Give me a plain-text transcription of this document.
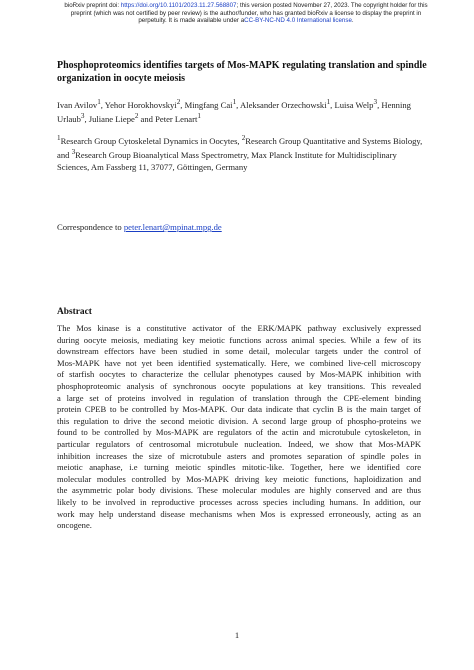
bioRxiv preprint doi: https://doi.org/10.1101/2023.11.27.568807; this version posted November 27, 2023. The copyright holder for this
preprint (which was not certified by peer review) is the author/funder, who has granted bioRxiv a license to display the preprint in
perpetuity. It is made available under aCC-BY-NC-ND 4.0 International license.
Phosphoproteomics identifies targets of Mos-MAPK regulating translation and spindle organization in oocyte meiosis
Ivan Avilov$^1$, Yehor Horokhovskyi$^2$, Mingfang Cai$^1$, Aleksander Orzechowski$^1$, Luisa Welp$^3$, Henning Urlaub$^3$, Juliane Liepe$^2$ and Peter Lenart$^1$
$^1$Research Group Cytoskeletal Dynamics in Oocytes, $^2$Research Group Quantitative and Systems Biology, and $^3$Research Group Bioanalytical Mass Spectrometry, Max Planck Institute for Multidisciplinary Sciences, Am Fassberg 11, 37077, Göttingen, Germany
Correspondence to peter.lenart@mpinat.mpg.de
Abstract
The Mos kinase is a constitutive activator of the ERK/MAPK pathway exclusively expressed
during oocyte meiosis, mediating key meiotic functions across animal species. While a few of its
downstream effectors have been studied in some detail, molecular targets under the control of
Mos-MAPK have not yet been identified systematically. Here, we combined live-cell microscopy
of starfish oocytes to characterize the cellular phenotypes caused by Mos-MAPK inhibition with
phosphoproteomic analysis of synchronous oocyte populations at key transitions. This revealed
a large set of proteins involved in regulation of translation through the CPE-element binding
protein CPEB to be controlled by Mos-MAPK. Our data indicate that cyclin B is the main target of
this regulation to drive the second meiotic division. A second large group of phospho-proteins we
found to be controlled by Mos-MAPK are regulators of the actin and microtubule cytoskeleton, in
particular regulators of centrosomal microtubule nucleation. Indeed, we show that Mos-MAPK
inhibition increases the size of microtubule asters and promotes separation of spindle poles in
meiotic anaphase, i.e turning meiotic spindles mitotic-like. Together, here we identified core
molecular modules controlled by Mos-MAPK driving key meiotic functions, haploidization and
the asymmetric polar body divisions. These molecular modules are highly conserved and are thus
likely to be involved in reproductive processes across species including humans. In addition, our
work may help understand disease mechanisms when Mos is expressed erroneously, acting as an
oncogene.
1
